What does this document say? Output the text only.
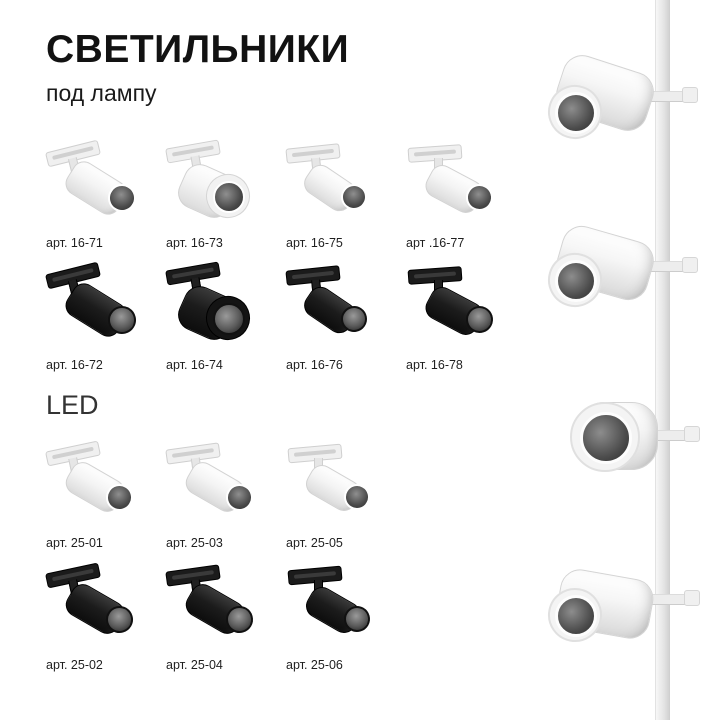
СВЕТИЛЬНИКИ
под лампу
арт. 16-71	арт. 16-73	арт. 16-75	арт .16-77
арт. 16-72	арт. 16-74	арт. 16-76	арт. 16-78
LED
арт. 25-01	арт. 25-03	арт. 25-05
арт. 25-02	арт. 25-04	арт. 25-06
